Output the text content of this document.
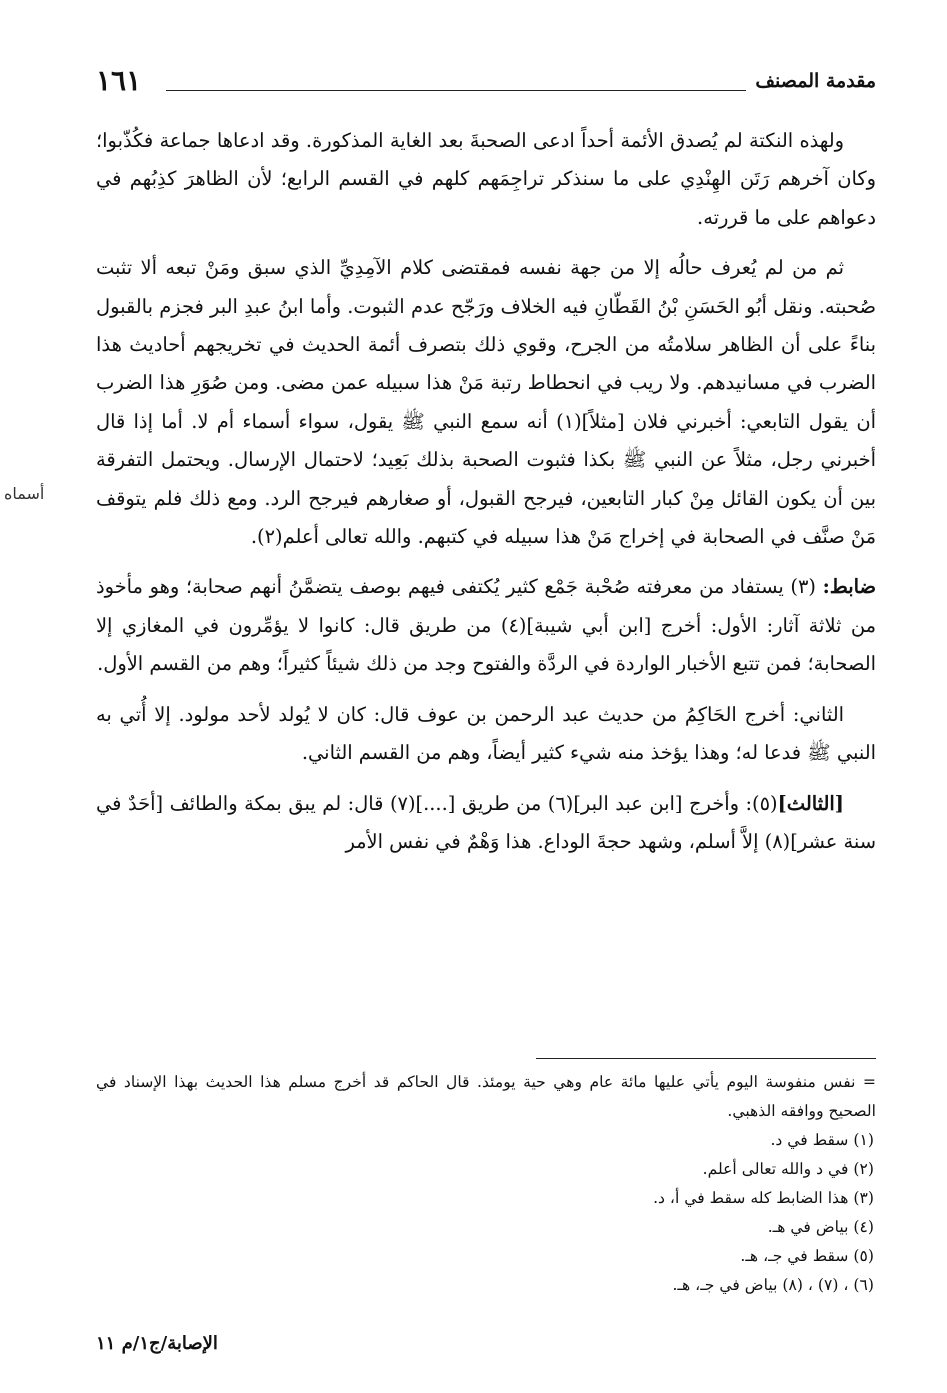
١٦١	مقدمة المصنف

ولهذه النكتة لم يُصدق الأئمة أحداً ادعى الصحبةَ بعد الغاية المذكورة. وقد ادعاها جماعة فكُذّبوا؛ وكان آخرهم رَتَن الهِنْدِي على ما سنذكر تراجِمَهم كلهم في القسم الرابع؛ لأن الظاهرَ كذِبُهم في دعواهم على ما قررته.

ثم من لم يُعرف حالُه إلا من جهة نفسه فمقتضى كلام الآمِدِيِّ الذي سبق ومَنْ تبعه ألا تثبت صُحبته. ونقل أبُو الحَسَنِ بْنُ القَطّانِ فيه الخلاف ورَجّح عدم الثبوت. وأما ابنُ عبدِ البر فجزم بالقبول بناءً على أن الظاهر سلامتُه من الجرح، وقوي ذلك بتصرف أئمة الحديث في تخريجهم أحاديث هذا الضرب في مسانيدهم. ولا ريب في انحطاط رتبة مَنْ هذا سبيله عمن مضى. ومن صُوَرِ هذا الضرب أن يقول التابعي: أخبرني فلان [مثلاً](١) أنه سمع النبي ﷺ يقول، سواء أسماء أم لا. أما إذا قال أخبرني رجل، مثلاً عن النبي ﷺ بكذا فثبوت الصحبة بذلك بَعِيد؛ لاحتمال الإرسال. ويحتمل التفرقة بين أن يكون القائل مِنْ كبار التابعين، فيرجح القبول، أو صغارهم فيرجح الرد. ومع ذلك فلم يتوقف مَنْ صنَّف في الصحابة في إخراج مَنْ هذا سبيله في كتبهم. والله تعالى أعلم(٢).

ضابط: (٣) يستفاد من معرفته صُحْبة جَمْع كثير يُكتفى فيهم بوصف يتضمَّنُ أنهم صحابة؛ وهو مأخوذ من ثلاثة آثار: الأول: أخرج [ابن أبي شيبة](٤) من طريق قال: كانوا لا يؤمِّرون في المغازي إلا الصحابة؛ فمن تتبع الأخبار الواردة في الردَّة والفتوح وجد من ذلك شيئاً كثيراً؛ وهم من القسم الأول.

الثاني: أخرج الحَاكِمُ من حديث عبد الرحمن بن عوف قال: كان لا يُولد لأحد مولود. إلا أُتي به النبي ﷺ فدعا له؛ وهذا يؤخذ منه شيء كثير أيضاً، وهم من القسم الثاني.

[الثالث](٥): وأخرج [ابن عبد البر](٦) من طريق [....](٧) قال: لم يبق بمكة والطائف [أحَدٌ في سنة عشر](٨) إلاَّ أسلم، وشهد حجةَ الوداع. هذا وَهْمٌ في نفس الأمر

أسماه

= نفس منفوسة اليوم يأتي عليها مائة عام وهي حية يومئذ. قال الحاكم قد أخرج مسلم هذا الحديث بهذا الإسناد في الصحيح ووافقه الذهبي.

(١) سقط في د.

(٢) في د والله تعالى أعلم.

(٣) هذا الضابط كله سقط في أ، د.

(٤) بياض في هـ.

(٥) سقط في جـ، هـ.

(٦) ، (٧) ، (٨) بياض في جـ، هـ.

الإصابة/ج١/م ١١
